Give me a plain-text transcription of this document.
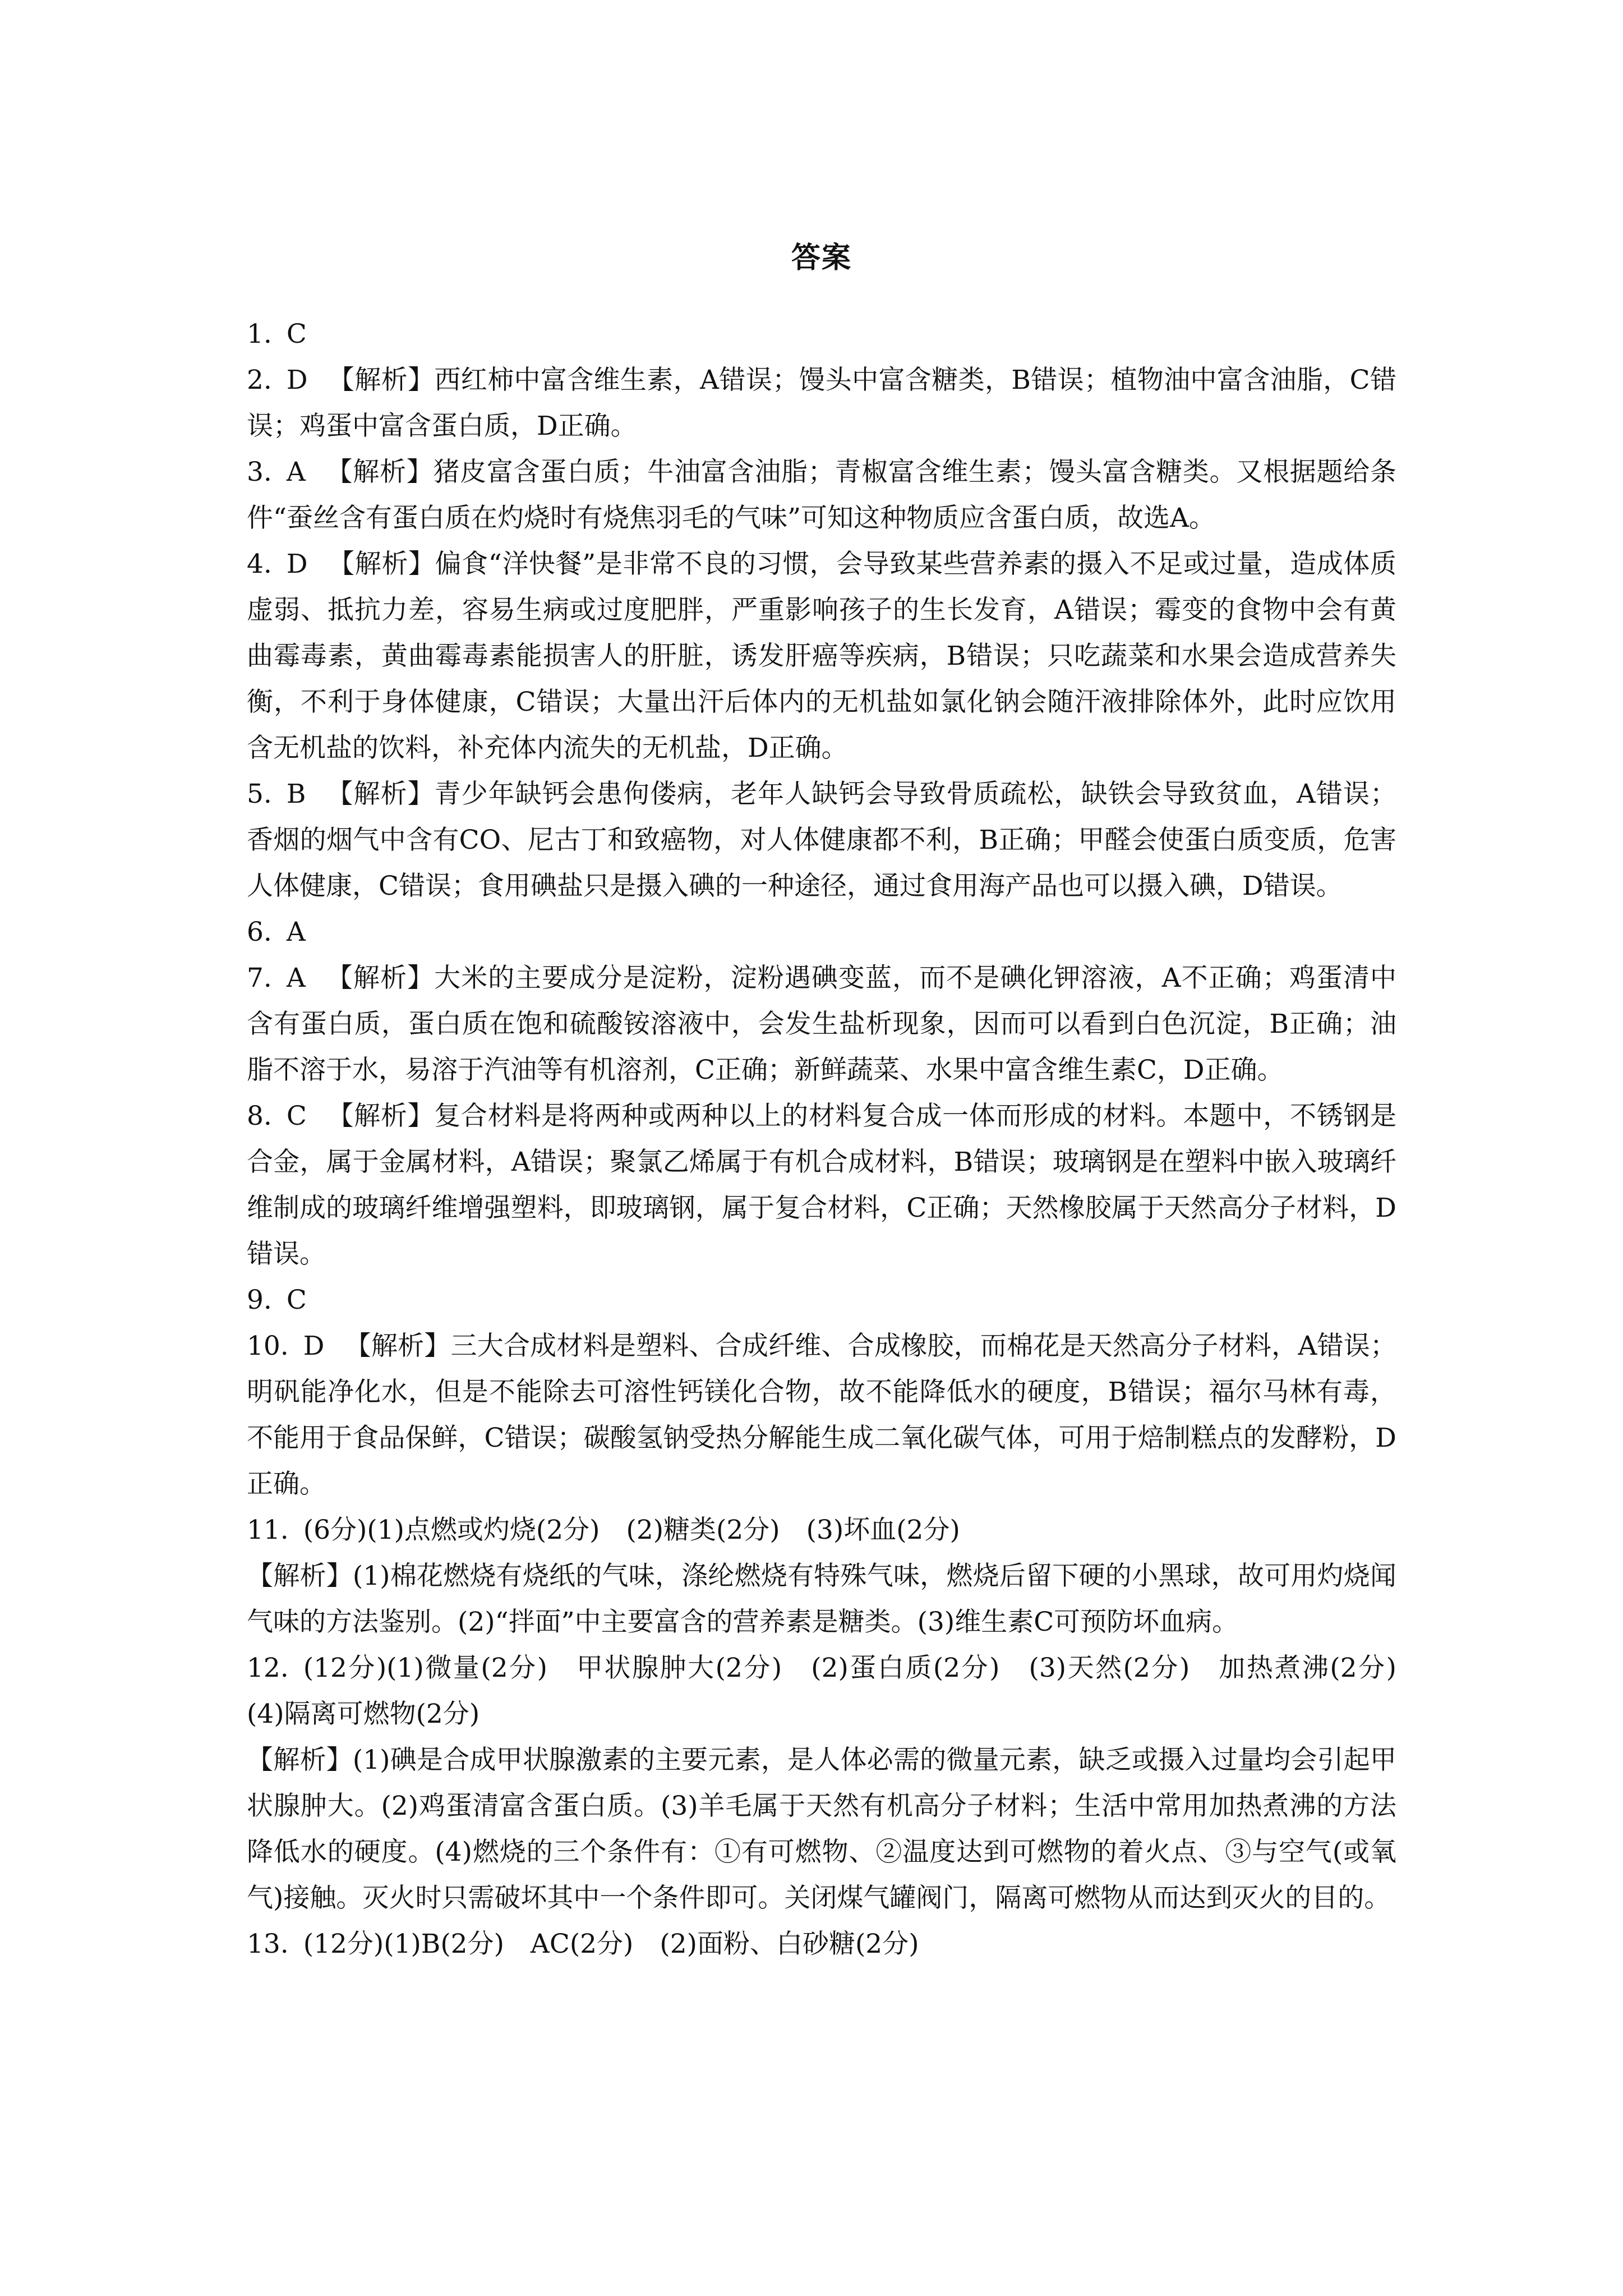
答案

1. C

2. D 【解析】西红柿中富含维生素，A错误；馒头中富含糖类，B错误；植物油中富含油脂，C错误；鸡蛋中富含蛋白质，D正确。

3. A 【解析】猪皮富含蛋白质；牛油富含油脂；青椒富含维生素；馒头富含糖类。又根据题给条件“蚕丝含有蛋白质在灼烧时有烧焦羽毛的气味”可知这种物质应含蛋白质，故选A。

4. D 【解析】偏食“洋快餐”是非常不良的习惯，会导致某些营养素的摄入不足或过量，造成体质虚弱、抵抗力差，容易生病或过度肥胖，严重影响孩子的生长发育，A错误；霉变的食物中会有黄曲霉毒素，黄曲霉毒素能损害人的肝脏，诱发肝癌等疾病，B错误；只吃蔬菜和水果会造成营养失衡，不利于身体健康，C错误；大量出汗后体内的无机盐如氯化钠会随汗液排除体外，此时应饮用含无机盐的饮料，补充体内流失的无机盐，D正确。

5. B 【解析】青少年缺钙会患佝偻病，老年人缺钙会导致骨质疏松，缺铁会导致贫血，A错误；香烟的烟气中含有CO、尼古丁和致癌物，对人体健康都不利，B正确；甲醛会使蛋白质变质，危害人体健康，C错误；食用碘盐只是摄入碘的一种途径，通过食用海产品也可以摄入碘，D错误。

6. A

7. A 【解析】大米的主要成分是淀粉，淀粉遇碘变蓝，而不是碘化钾溶液，A不正确；鸡蛋清中含有蛋白质，蛋白质在饱和硫酸铵溶液中，会发生盐析现象，因而可以看到白色沉淀，B正确；油脂不溶于水，易溶于汽油等有机溶剂，C正确；新鲜蔬菜、水果中富含维生素C，D正确。

8. C 【解析】复合材料是将两种或两种以上的材料复合成一体而形成的材料。本题中，不锈钢是合金，属于金属材料，A错误；聚氯乙烯属于有机合成材料，B错误；玻璃钢是在塑料中嵌入玻璃纤维制成的玻璃纤维增强塑料，即玻璃钢，属于复合材料，C正确；天然橡胶属于天然高分子材料，D错误。

9. C

10. D 【解析】三大合成材料是塑料、合成纤维、合成橡胶，而棉花是天然高分子材料，A错误；明矾能净化水，但是不能除去可溶性钙镁化合物，故不能降低水的硬度，B错误；福尔马林有毒，不能用于食品保鲜，C错误；碳酸氢钠受热分解能生成二氧化碳气体，可用于焙制糕点的发酵粉，D正确。

11. (6分)(1)点燃或灼烧(2分)　(2)糖类(2分)　(3)坏血(2分)

【解析】(1)棉花燃烧有烧纸的气味，涤纶燃烧有特殊气味，燃烧后留下硬的小黑球，故可用灼烧闻气味的方法鉴别。(2)“拌面”中主要富含的营养素是糖类。(3)维生素C可预防坏血病。

12. (12分)(1)微量(2分)　甲状腺肿大(2分)　(2)蛋白质(2分)　(3)天然(2分)　加热煮沸(2分)　(4)隔离可燃物(2分)

【解析】(1)碘是合成甲状腺激素的主要元素，是人体必需的微量元素，缺乏或摄入过量均会引起甲状腺肿大。(2)鸡蛋清富含蛋白质。(3)羊毛属于天然有机高分子材料；生活中常用加热煮沸的方法降低水的硬度。(4)燃烧的三个条件有：①有可燃物、②温度达到可燃物的着火点、③与空气(或氧气)接触。灭火时只需破坏其中一个条件即可。关闭煤气罐阀门，隔离可燃物从而达到灭火的目的。

13. (12分)(1)B(2分)　AC(2分)　(2)面粉、白砂糖(2分)
